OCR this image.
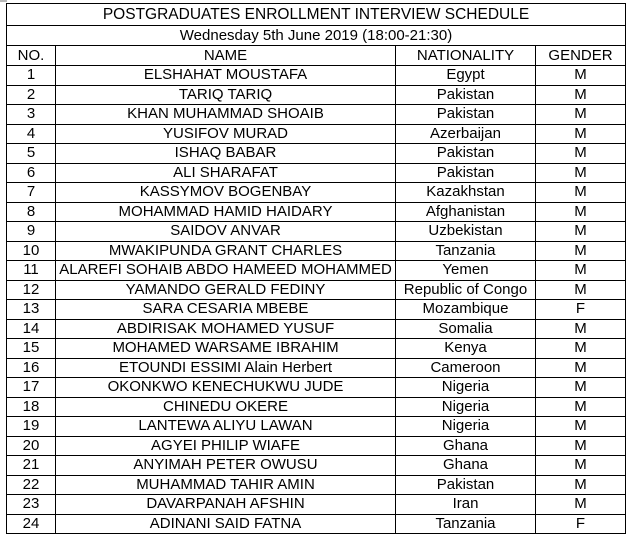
POSTGRADUATES ENROLLMENT INTERVIEW SCHEDULE			
Wednesday 5th June 2019 (18:00-21:30)			
NO.	NAME	NATIONALITY	GENDER
1	ELSHAHAT MOUSTAFA	Egypt	M
2	TARIQ TARIQ	Pakistan	M
3	KHAN MUHAMMAD SHOAIB	Pakistan	M
4	YUSIFOV MURAD	Azerbaijan	M
5	ISHAQ BABAR	Pakistan	M
6	ALI SHARAFAT	Pakistan	M
7	KASSYMOV BOGENBAY	Kazakhstan	M
8	MOHAMMAD HAMID HAIDARY	Afghanistan	M
9	SAIDOV ANVAR	Uzbekistan	M
10	MWAKIPUNDA GRANT CHARLES	Tanzania	M
11	ALAREFI SOHAIB ABDO HAMEED MOHAMMED	Yemen	M
12	YAMANDO GERALD FEDINY	Republic of Congo	M
13	SARA CESARIA MBEBE	Mozambique	F
14	ABDIRISAK MOHAMED YUSUF	Somalia	M
15	MOHAMED WARSAME IBRAHIM	Kenya	M
16	ETOUNDI ESSIMI Alain Herbert	Cameroon	M
17	OKONKWO KENECHUKWU JUDE	Nigeria	M
18	CHINEDU OKERE	Nigeria	M
19	LANTEWA ALIYU LAWAN	Nigeria	M
20	AGYEI PHILIP WIAFE	Ghana	M
21	ANYIMAH PETER OWUSU	Ghana	M
22	MUHAMMAD TAHIR AMIN	Pakistan	M
23	DAVARPANAH AFSHIN	Iran	M
24	ADINANI SAID FATNA	Tanzania	F
